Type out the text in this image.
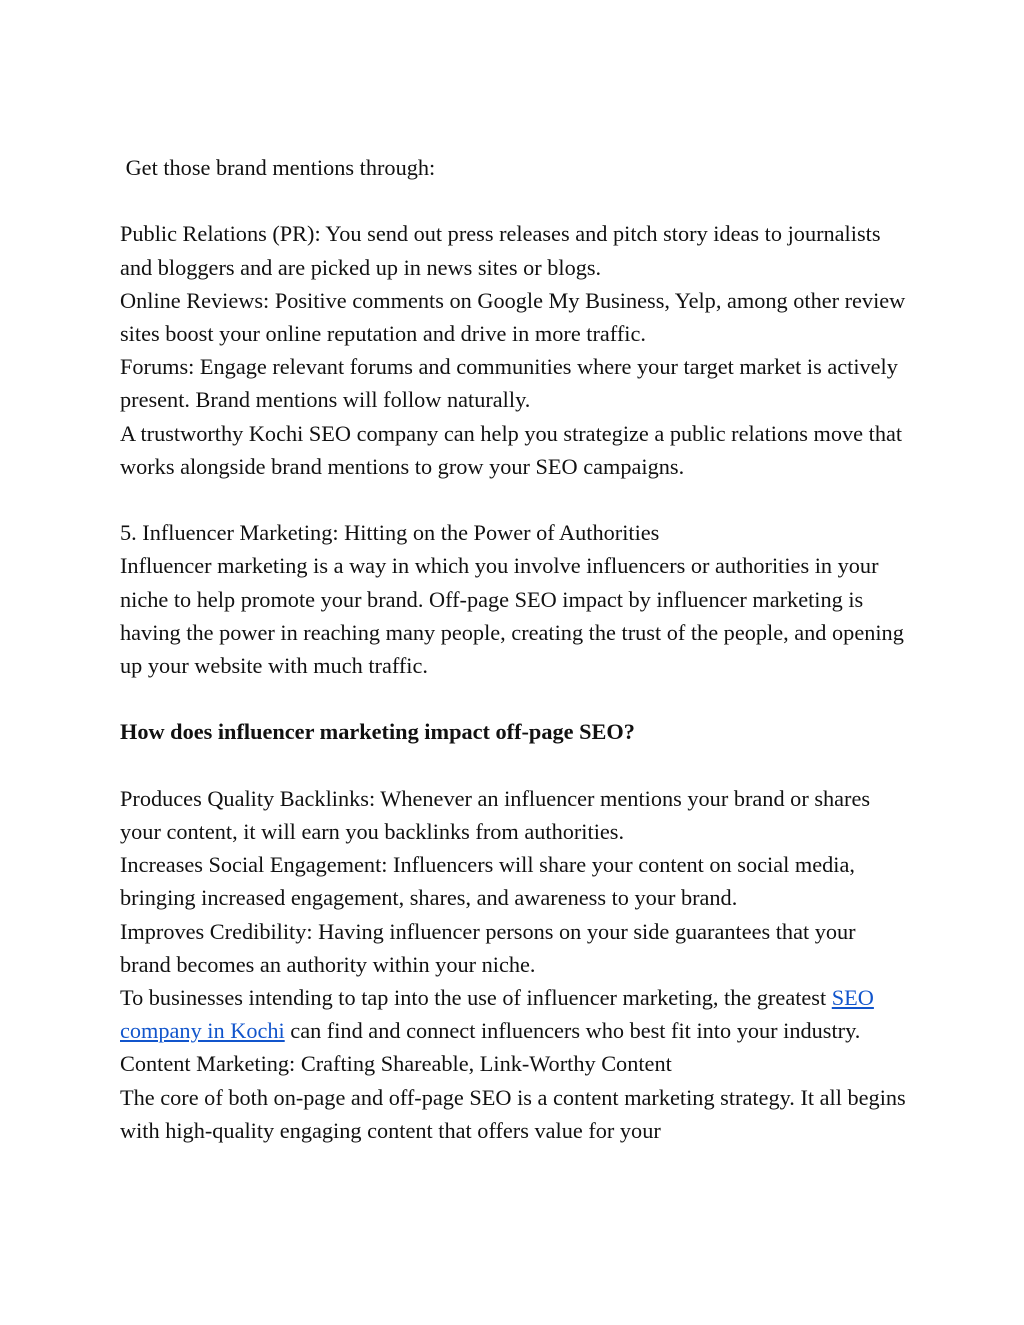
Get those brand mentions through:

Public Relations (PR): You send out press releases and pitch story ideas to journalists and bloggers and are picked up in news sites or blogs.

Online Reviews: Positive comments on Google My Business, Yelp, among other review sites boost your online reputation and drive in more traffic.

Forums: Engage relevant forums and communities where your target market is actively present. Brand mentions will follow naturally.

A trustworthy Kochi SEO company can help you strategize a public relations move that works alongside brand mentions to grow your SEO campaigns.

5. Influencer Marketing: Hitting on the Power of Authorities

Influencer marketing is a way in which you involve influencers or authorities in your niche to help promote your brand. Off-page SEO impact by influencer marketing is having the power in reaching many people, creating the trust of the people, and opening up your website with much traffic.

How does influencer marketing impact off-page SEO?

Produces Quality Backlinks: Whenever an influencer mentions your brand or shares your content, it will earn you backlinks from authorities.

Increases Social Engagement: Influencers will share your content on social media, bringing increased engagement, shares, and awareness to your brand.

Improves Credibility: Having influencer persons on your side guarantees that your brand becomes an authority within your niche.

To businesses intending to tap into the use of influencer marketing, the greatest SEO company in Kochi can find and connect influencers who best fit into your industry.

Content Marketing: Crafting Shareable, Link-Worthy Content

The core of both on-page and off-page SEO is a content marketing strategy. It all begins with high-quality engaging content that offers value for your
